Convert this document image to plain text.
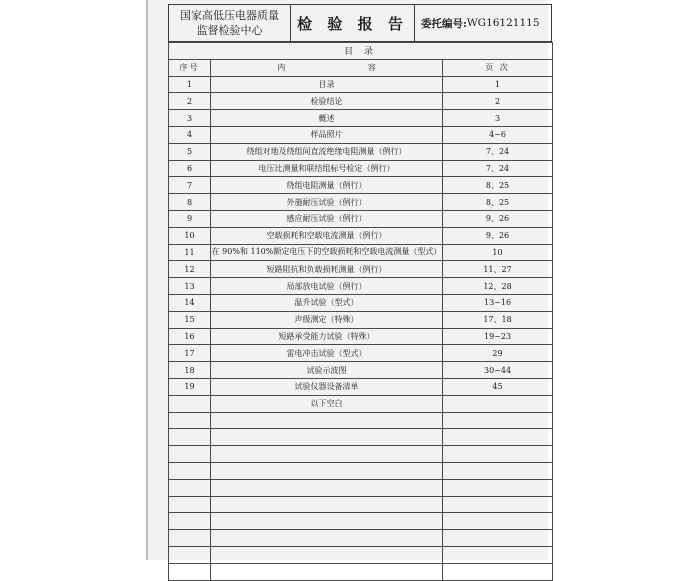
国家高低压电器质量
监督检验中心	检 验 报 告	委托编号: WG16121115
目 录		
序号	内 容	页 次
1	目录	1
2	检验结论	2
3	概述	3
4	样品照片	4~6
5	绕组对地及绕组间直流绝缘电阻测量（例行）	7、24
6	电压比测量和联结组标号检定（例行）	7、24
7	绕组电阻测量（例行）	8、25
8	外施耐压试验（例行）	8、25
9	感应耐压试验（例行）	9、26
10	空载损耗和空载电流测量（例行）	9、26
11	在 90%和 110%额定电压下的空载损耗和空载电流测量（型式）	10
12	短路阻抗和负载损耗测量（例行）	11、27
13	局部放电试验（例行）	12、28
14	温升试验（型式）	13~16
15	声级测定（特殊）	17、18
16	短路承受能力试验（特殊）	19~23
17	雷电冲击试验（型式）	29
18	试验示波图	30~44
19	试验仪器设备清单	45
	以下空白	
